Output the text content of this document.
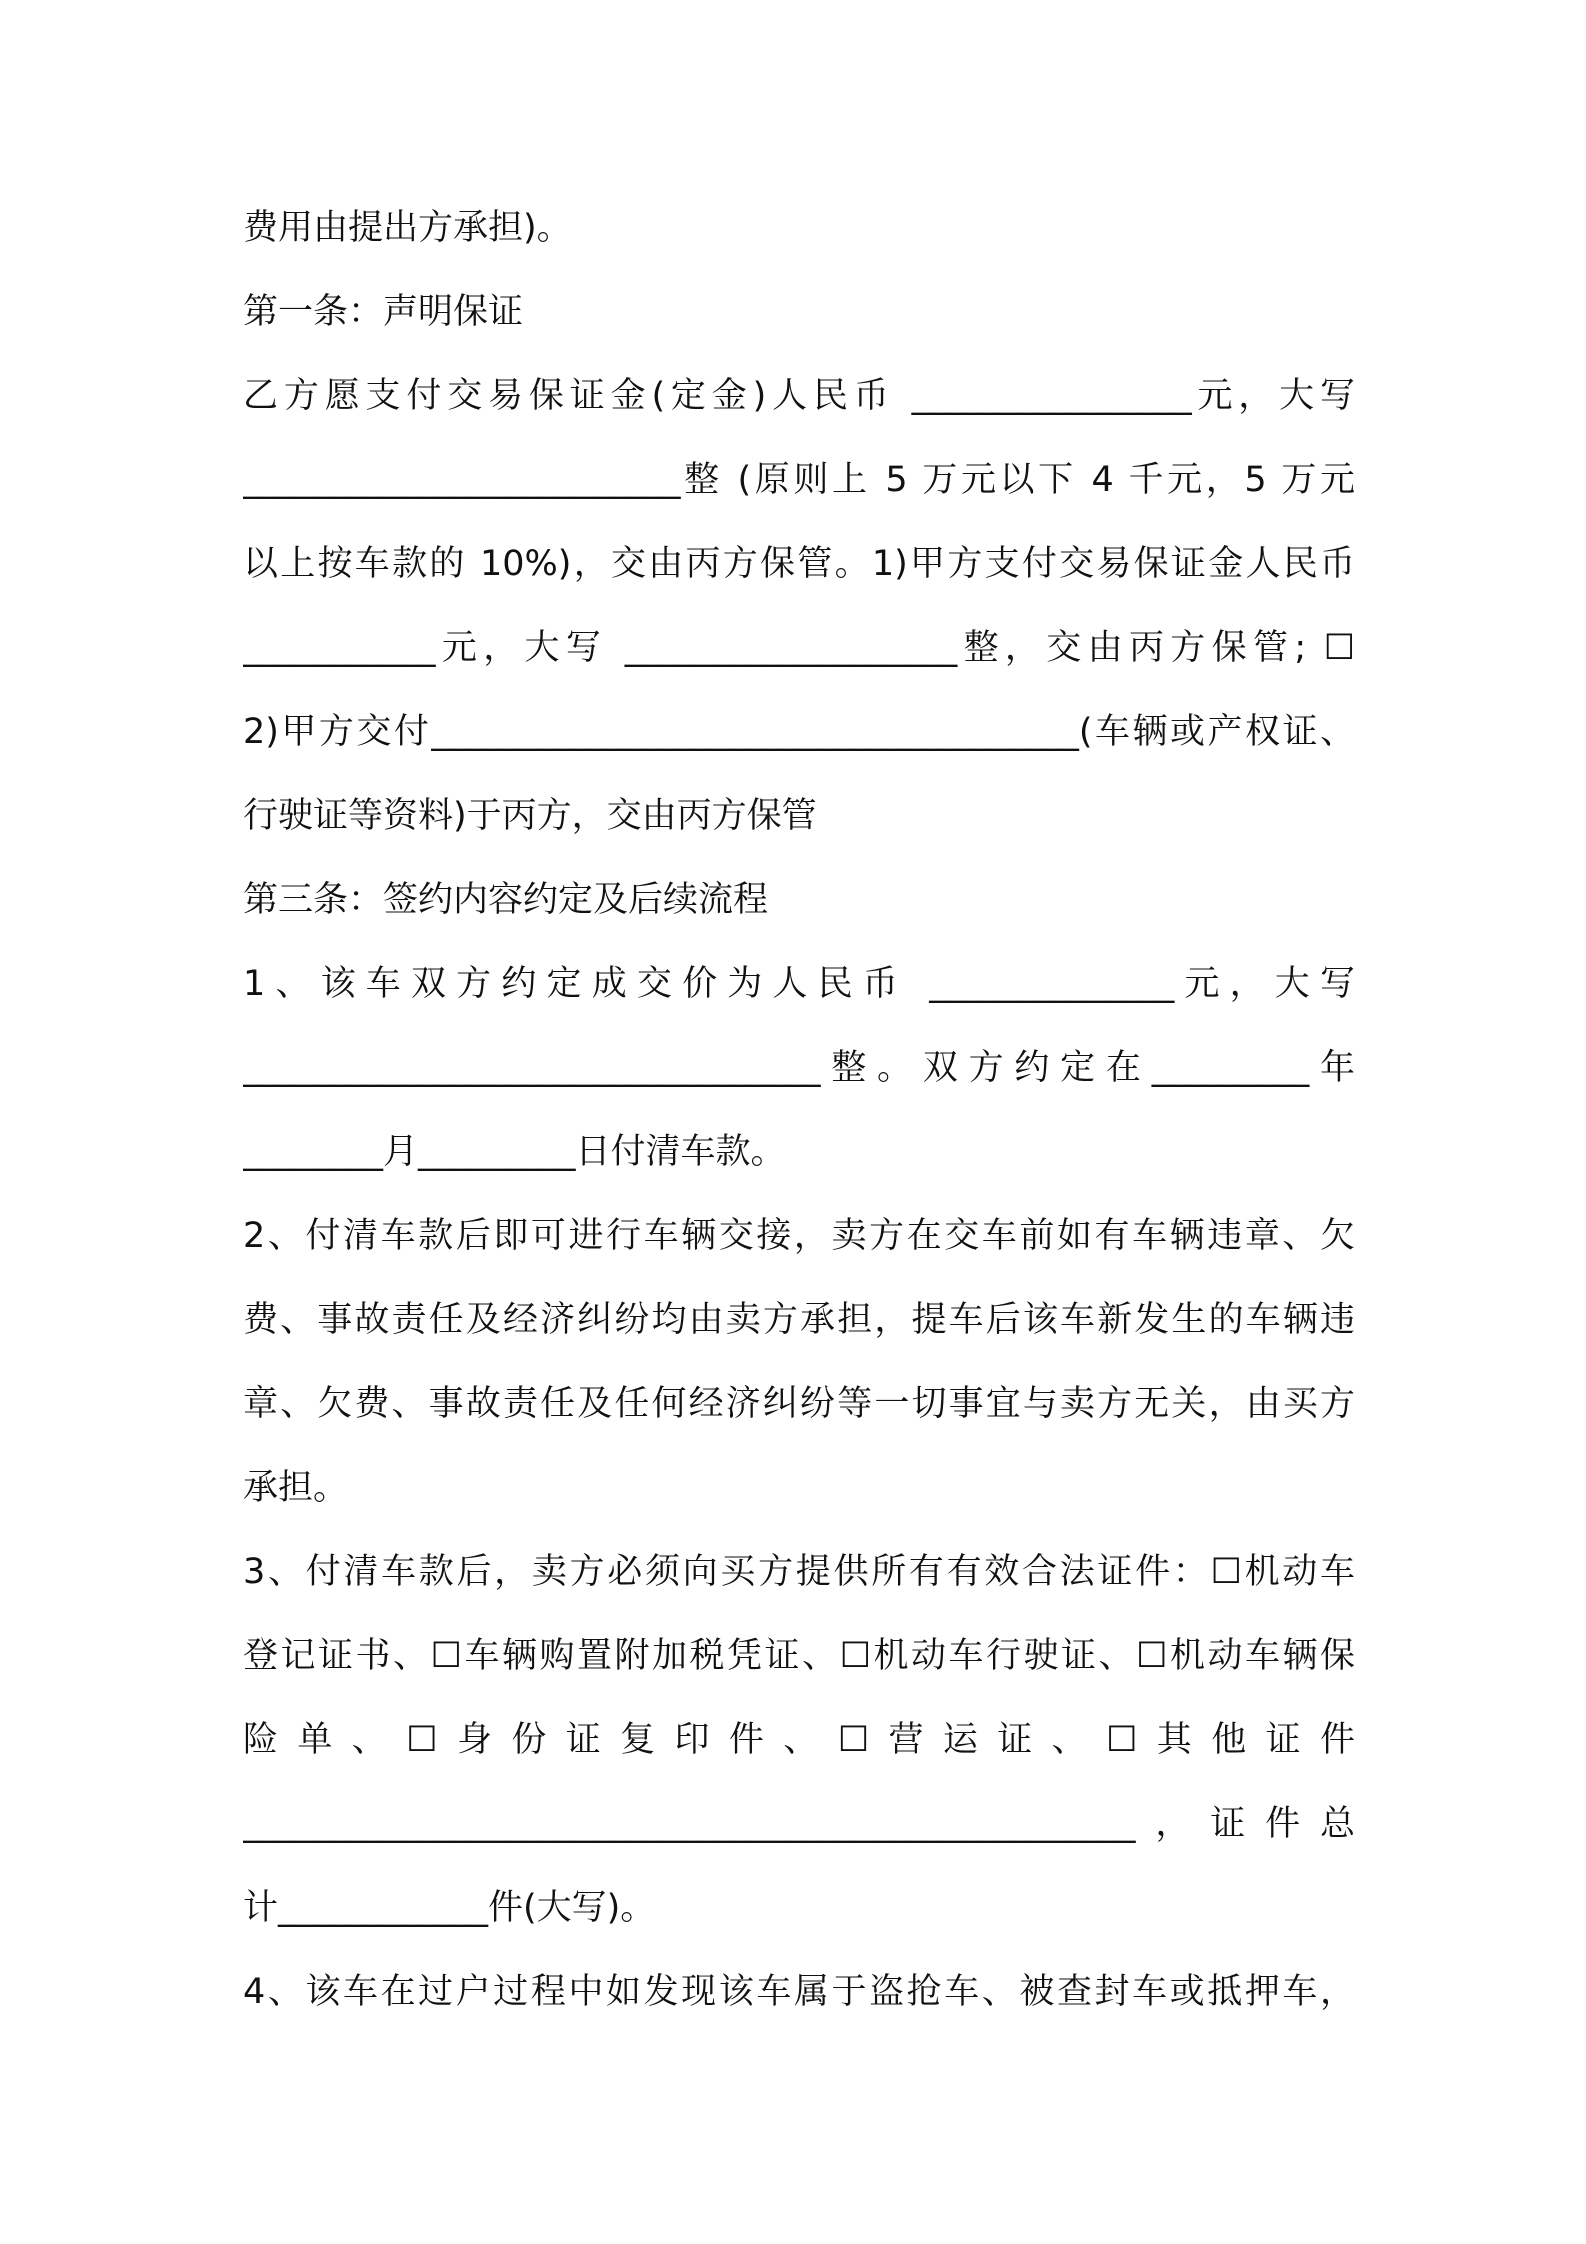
费用由提出方承担)。
第一条：声明保证
乙方愿支付交易保证金(定金)人民币 ________________元，大写
_________________________整 (原则上 5 万元以下 4 千元，5 万元
以上按车款的 10%)，交由丙方保管。1)甲方支付交易保证金人民币
___________元，大写 ___________________整，交由丙方保管; ☐
2)甲方交付_____________________________________(车辆或产权证、
行驶证等资料)于丙方，交由丙方保管
第三条：签约内容约定及后续流程
1、该车双方约定成交价为人民币 ______________元，大写
_________________________________整。双方约定在_________年
________月_________日付清车款。
2、付清车款后即可进行车辆交接，卖方在交车前如有车辆违章、欠
费、事故责任及经济纠纷均由卖方承担，提车后该车新发生的车辆违
章、欠费、事故责任及任何经济纠纷等一切事宜与卖方无关，由买方
承担。
3、付清车款后，卖方必须向买方提供所有有效合法证件：☐机动车
登记证书、☐车辆购置附加税凭证、☐机动车行驶证、☐机动车辆保
险单、☐身份证复印件、☐营运证、☐其他证件
___________________________________________________，证件总
计____________件(大写)。
4、该车在过户过程中如发现该车属于盗抢车、被查封车或抵押车，
